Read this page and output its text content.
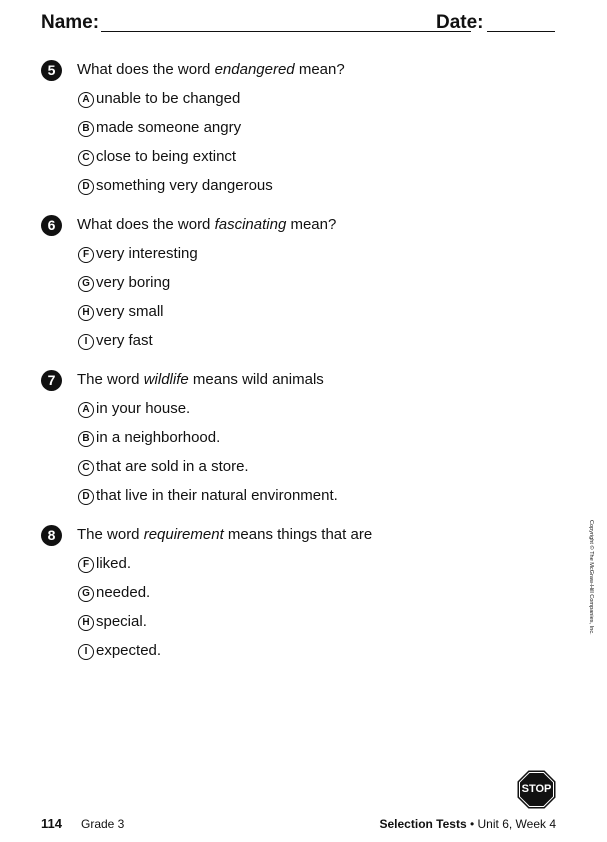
Name:	Date:
5	What does the word endangered mean?
A unable to be changed
B made someone angry
C close to being extinct
D something very dangerous
6	What does the word fascinating mean?
F very interesting
G very boring
H very small
I very fast
7	The word wildlife means wild animals
A in your house.
B in a neighborhood.
C that are sold in a store.
D that live in their natural environment.
8	The word requirement means things that are
F liked.
G needed.
H special.
I expected.
Copyright © The McGraw-Hill Companies, Inc.
STOP
114 Grade 3	Selection Tests • Unit 6, Week 4
